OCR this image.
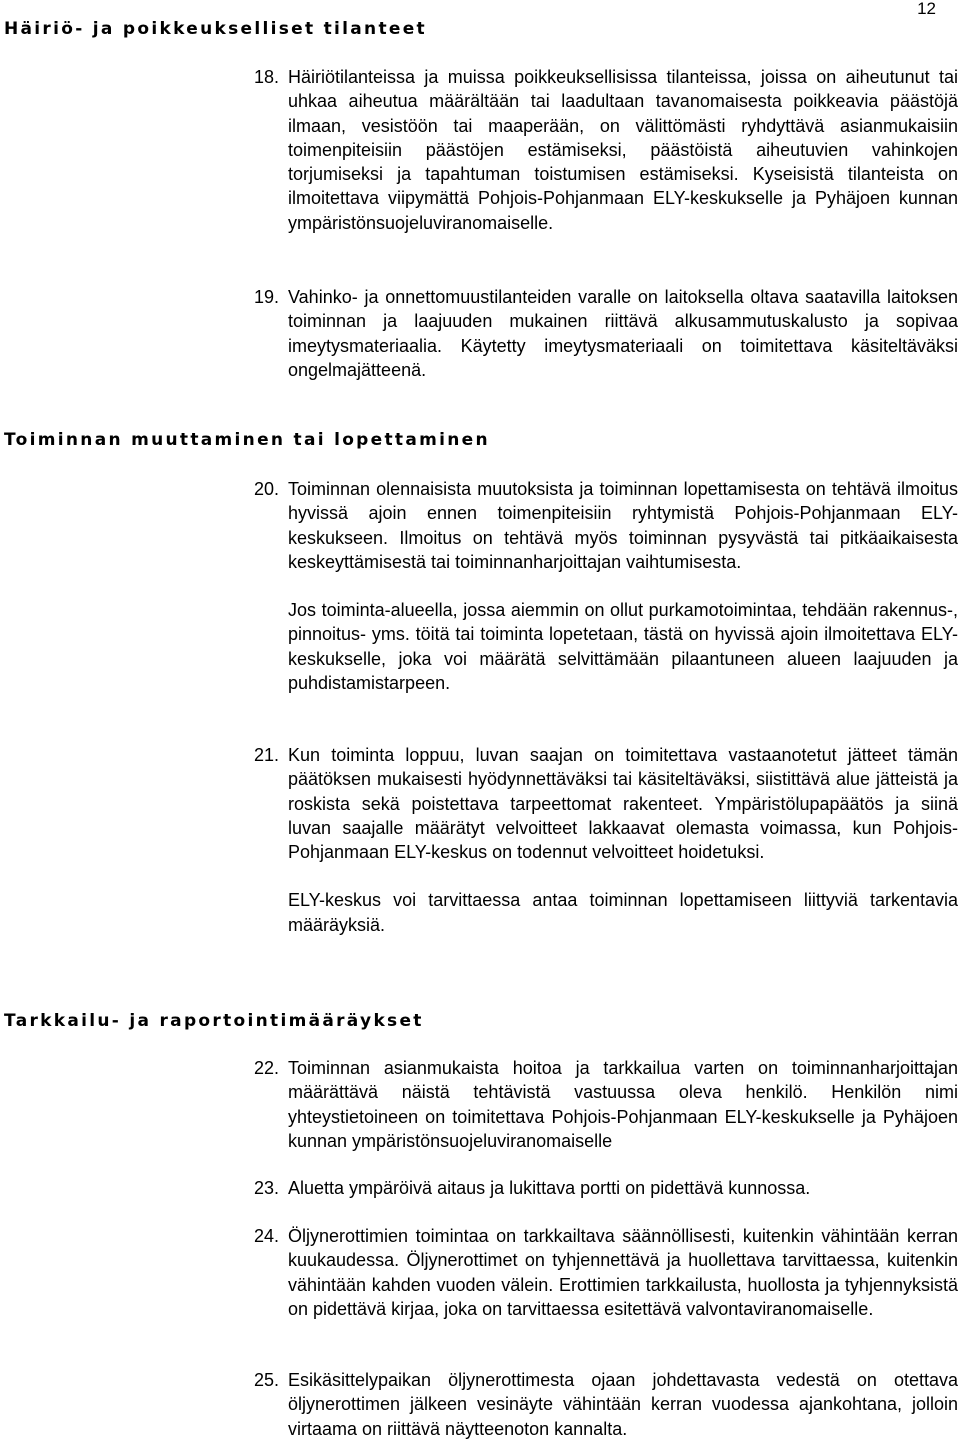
12
Häiriö- ja poikkeukselliset tilanteet
18. Häiriötilanteissa ja muissa poikkeuksellisissa tilanteissa, joissa on aiheutunut tai uhkaa aiheutua määrältään tai laadultaan tavanomaisesta poikkeavia päästöjä ilmaan, vesistöön tai maaperään, on välittömästi ryhdyttävä asianmukaisiin toimenpiteisiin päästöjen estämiseksi, päästöistä aiheutuvien vahinkojen torjumiseksi ja tapahtuman toistumisen estämiseksi. Kyseisistä tilanteista on ilmoitettava viipymättä Pohjois-Pohjanmaan ELY-keskukselle ja Pyhäjoen kunnan ympäristönsuojeluviranomaiselle.

19. Vahinko- ja onnettomuustilanteiden varalle on laitoksella oltava saatavilla laitoksen toiminnan ja laajuuden mukainen riittävä alkusammutuskalusto ja sopivaa imeytysmateriaalia. Käytetty imeytysmateriaali on toimitettava käsiteltäväksi ongelmajätteenä.

Toiminnan muuttaminen tai lopettaminen
20. Toiminnan olennaisista muutoksista ja toiminnan lopettamisesta on tehtävä ilmoitus hyvissä ajoin ennen toimenpiteisiin ryhtymistä Pohjois-Pohjanmaan ELY-keskukseen. Ilmoitus on tehtävä myös toiminnan pysyvästä tai pitkäaikaisesta keskeyttämisestä tai toiminnanharjoittajan vaihtumisesta.

Jos toiminta-alueella, jossa aiemmin on ollut purkamotoimintaa, tehdään rakennus-, pinnoitus- yms. töitä tai toiminta lopetetaan, tästä on hyvissä ajoin ilmoitettava ELY-keskukselle, joka voi määrätä selvittämään pilaantuneen alueen laajuuden ja puhdistamistarpeen.

21. Kun toiminta loppuu, luvan saajan on toimitettava vastaanotetut jätteet tämän päätöksen mukaisesti hyödynnettäväksi tai käsiteltäväksi, siistittävä alue jätteistä ja roskista sekä poistettava tarpeettomat rakenteet. Ympäristölupapäätös ja siinä luvan saajalle määrätyt velvoitteet lakkaavat olemasta voimassa, kun Pohjois-Pohjanmaan ELY-keskus on todennut velvoitteet hoidetuksi.

ELY-keskus voi tarvittaessa antaa toiminnan lopettamiseen liittyviä tarkentavia määräyksiä.

Tarkkailu- ja raportointimääräykset
22. Toiminnan asianmukaista hoitoa ja tarkkailua varten on toiminnanharjoittajan määrättävä näistä tehtävistä vastuussa oleva henkilö. Henkilön nimi yhteystietoineen on toimitettava Pohjois-Pohjanmaan ELY-keskukselle ja Pyhäjoen kunnan ympäristönsuojeluviranomaiselle

23. Aluetta ympäröivä aitaus ja lukittava portti on pidettävä kunnossa.

24. Öljynerottimien toimintaa on tarkkailtava säännöllisesti, kuitenkin vähintään kerran kuukaudessa. Öljynerottimet on tyhjennettävä ja huollettava tarvittaessa, kuitenkin vähintään kahden vuoden välein. Erottimien tarkkailusta, huollosta ja tyhjennyksistä on pidettävä kirjaa, joka on tarvittaessa esitettävä valvontaviranomaiselle.

25. Esikäsittelypaikan öljynerottimesta ojaan johdettavasta vedestä on otettava öljynerottimen jälkeen vesinäyte vähintään kerran vuodessa ajankohtana, jolloin virtaama on riittävä näytteenoton kannalta.
